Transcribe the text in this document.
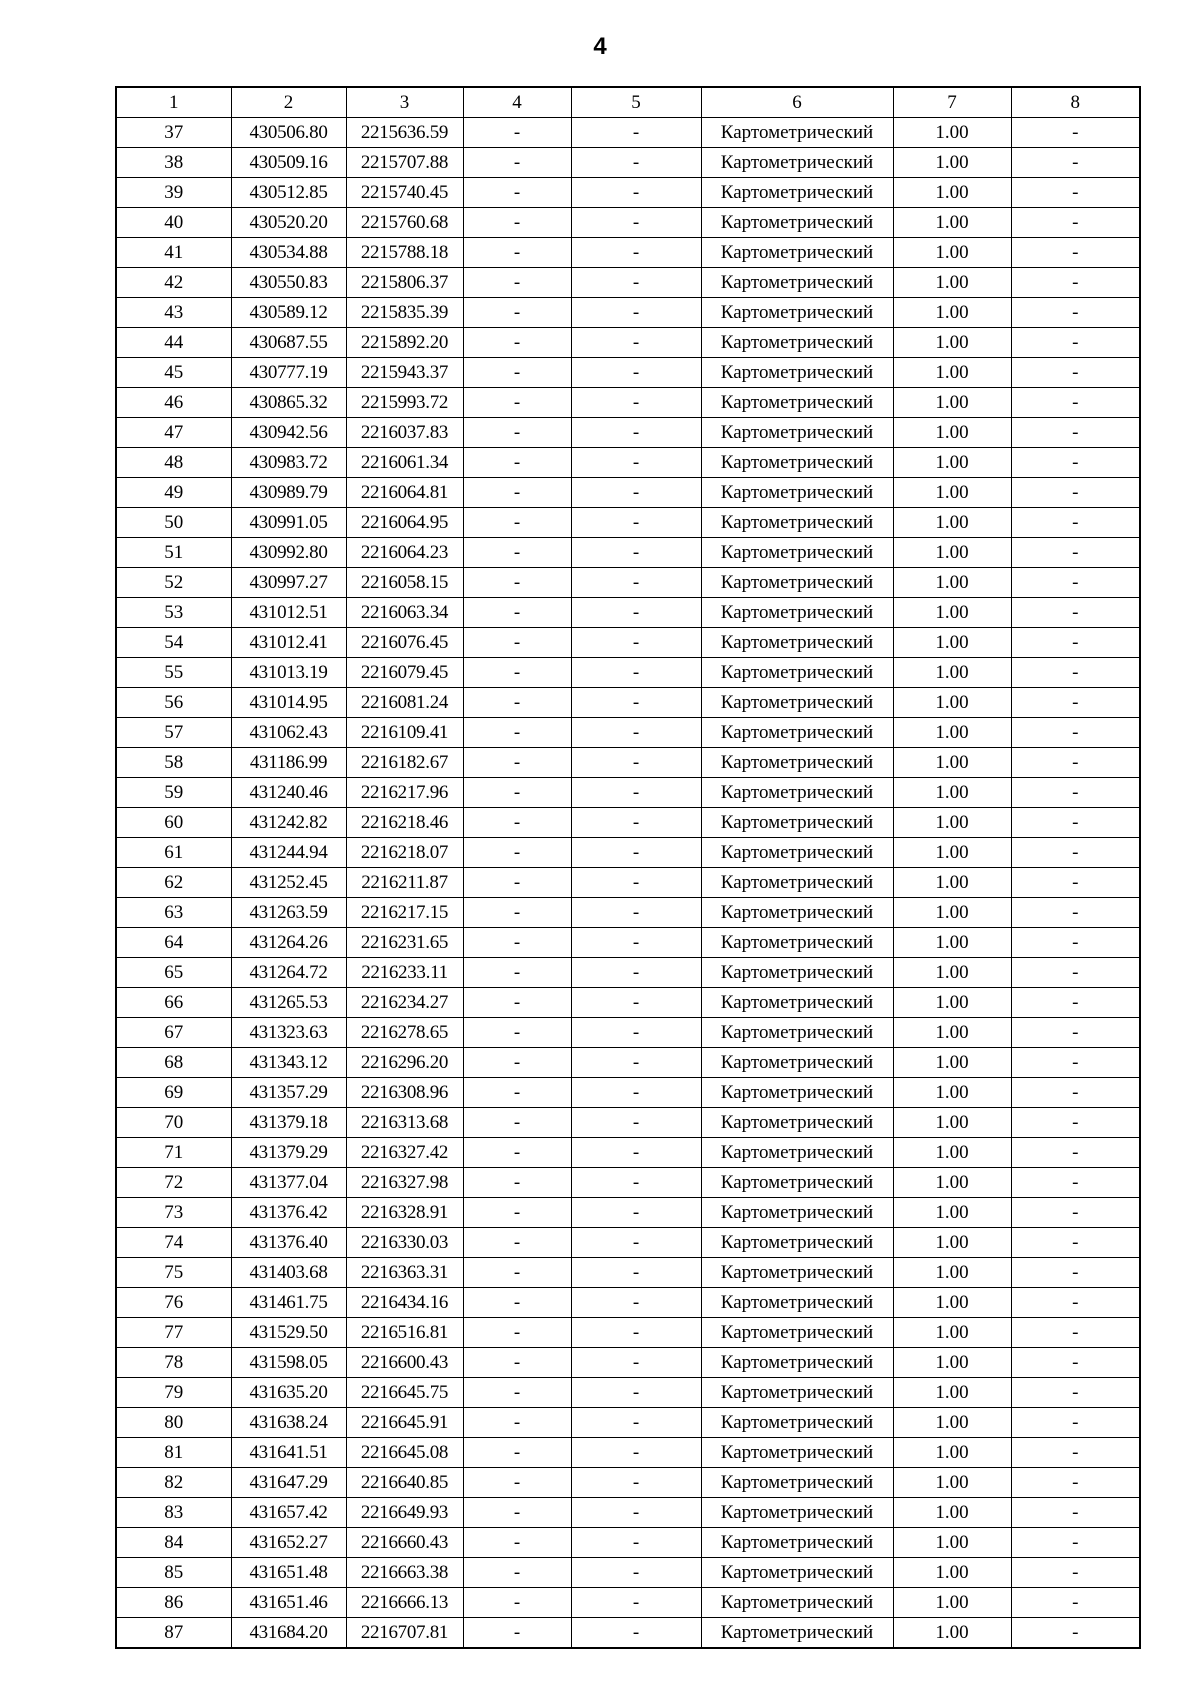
4
1	2	3	4	5	6	7	8
37	430506.80	2215636.59	-	-	Картометрический	1.00	-
38	430509.16	2215707.88	-	-	Картометрический	1.00	-
39	430512.85	2215740.45	-	-	Картометрический	1.00	-
40	430520.20	2215760.68	-	-	Картометрический	1.00	-
41	430534.88	2215788.18	-	-	Картометрический	1.00	-
42	430550.83	2215806.37	-	-	Картометрический	1.00	-
43	430589.12	2215835.39	-	-	Картометрический	1.00	-
44	430687.55	2215892.20	-	-	Картометрический	1.00	-
45	430777.19	2215943.37	-	-	Картометрический	1.00	-
46	430865.32	2215993.72	-	-	Картометрический	1.00	-
47	430942.56	2216037.83	-	-	Картометрический	1.00	-
48	430983.72	2216061.34	-	-	Картометрический	1.00	-
49	430989.79	2216064.81	-	-	Картометрический	1.00	-
50	430991.05	2216064.95	-	-	Картометрический	1.00	-
51	430992.80	2216064.23	-	-	Картометрический	1.00	-
52	430997.27	2216058.15	-	-	Картометрический	1.00	-
53	431012.51	2216063.34	-	-	Картометрический	1.00	-
54	431012.41	2216076.45	-	-	Картометрический	1.00	-
55	431013.19	2216079.45	-	-	Картометрический	1.00	-
56	431014.95	2216081.24	-	-	Картометрический	1.00	-
57	431062.43	2216109.41	-	-	Картометрический	1.00	-
58	431186.99	2216182.67	-	-	Картометрический	1.00	-
59	431240.46	2216217.96	-	-	Картометрический	1.00	-
60	431242.82	2216218.46	-	-	Картометрический	1.00	-
61	431244.94	2216218.07	-	-	Картометрический	1.00	-
62	431252.45	2216211.87	-	-	Картометрический	1.00	-
63	431263.59	2216217.15	-	-	Картометрический	1.00	-
64	431264.26	2216231.65	-	-	Картометрический	1.00	-
65	431264.72	2216233.11	-	-	Картометрический	1.00	-
66	431265.53	2216234.27	-	-	Картометрический	1.00	-
67	431323.63	2216278.65	-	-	Картометрический	1.00	-
68	431343.12	2216296.20	-	-	Картометрический	1.00	-
69	431357.29	2216308.96	-	-	Картометрический	1.00	-
70	431379.18	2216313.68	-	-	Картометрический	1.00	-
71	431379.29	2216327.42	-	-	Картометрический	1.00	-
72	431377.04	2216327.98	-	-	Картометрический	1.00	-
73	431376.42	2216328.91	-	-	Картометрический	1.00	-
74	431376.40	2216330.03	-	-	Картометрический	1.00	-
75	431403.68	2216363.31	-	-	Картометрический	1.00	-
76	431461.75	2216434.16	-	-	Картометрический	1.00	-
77	431529.50	2216516.81	-	-	Картометрический	1.00	-
78	431598.05	2216600.43	-	-	Картометрический	1.00	-
79	431635.20	2216645.75	-	-	Картометрический	1.00	-
80	431638.24	2216645.91	-	-	Картометрический	1.00	-
81	431641.51	2216645.08	-	-	Картометрический	1.00	-
82	431647.29	2216640.85	-	-	Картометрический	1.00	-
83	431657.42	2216649.93	-	-	Картометрический	1.00	-
84	431652.27	2216660.43	-	-	Картометрический	1.00	-
85	431651.48	2216663.38	-	-	Картометрический	1.00	-
86	431651.46	2216666.13	-	-	Картометрический	1.00	-
87	431684.20	2216707.81	-	-	Картометрический	1.00	-
